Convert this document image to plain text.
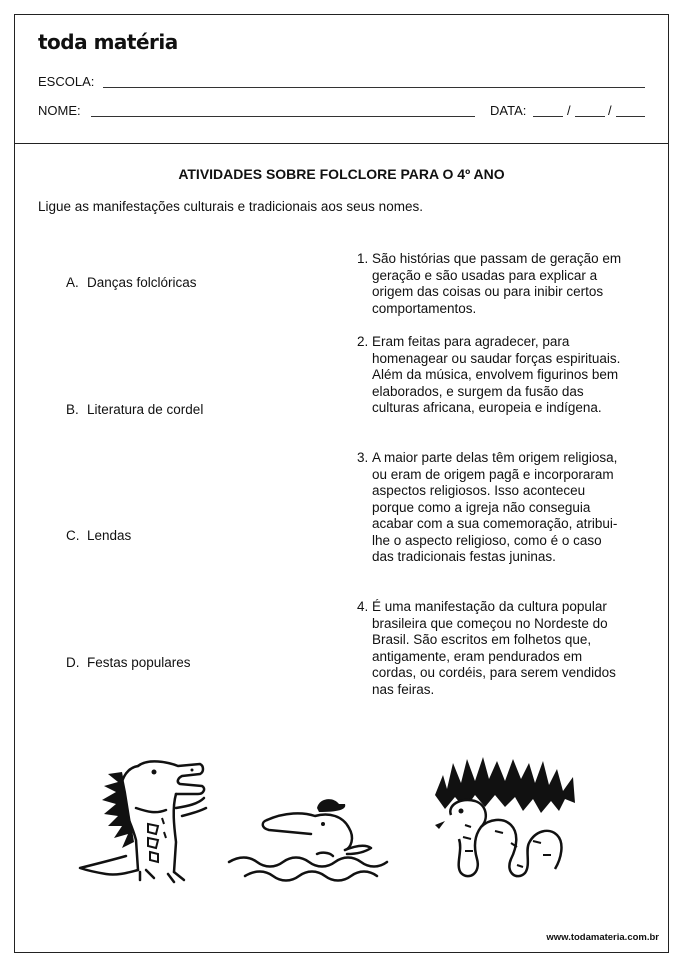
toda matéria
ESCOLA:
NOME:	DATA:	/	/
ATIVIDADES SOBRE FOLCLORE PARA O 4º ANO
Ligue as manifestações culturais e tradicionais aos seus nomes.
A. Danças folclóricas
B. Literatura de cordel
C. Lendas
D. Festas populares
1. São histórias que passam de geração em geração e são usadas para explicar a origem das coisas ou para inibir certos comportamentos.
2. Eram feitas para agradecer, para homenagear ou saudar forças espirituais. Além da música, envolvem figurinos bem elaborados, e surgem da fusão das culturas africana, europeia e indígena.
3. A maior parte delas têm origem religiosa, ou eram de origem pagã e incorporaram aspectos religiosos. Isso aconteceu porque como a igreja não conseguia acabar com a sua comemoração, atribui-lhe o aspecto religioso, como é o caso das tradicionais festas juninas.
4. É uma manifestação da cultura popular brasileira que começou no Nordeste do Brasil. São escritos em folhetos que, antigamente, eram pendurados em cordas, ou cordéis, para serem vendidos nas feiras.
www.todamateria.com.br
